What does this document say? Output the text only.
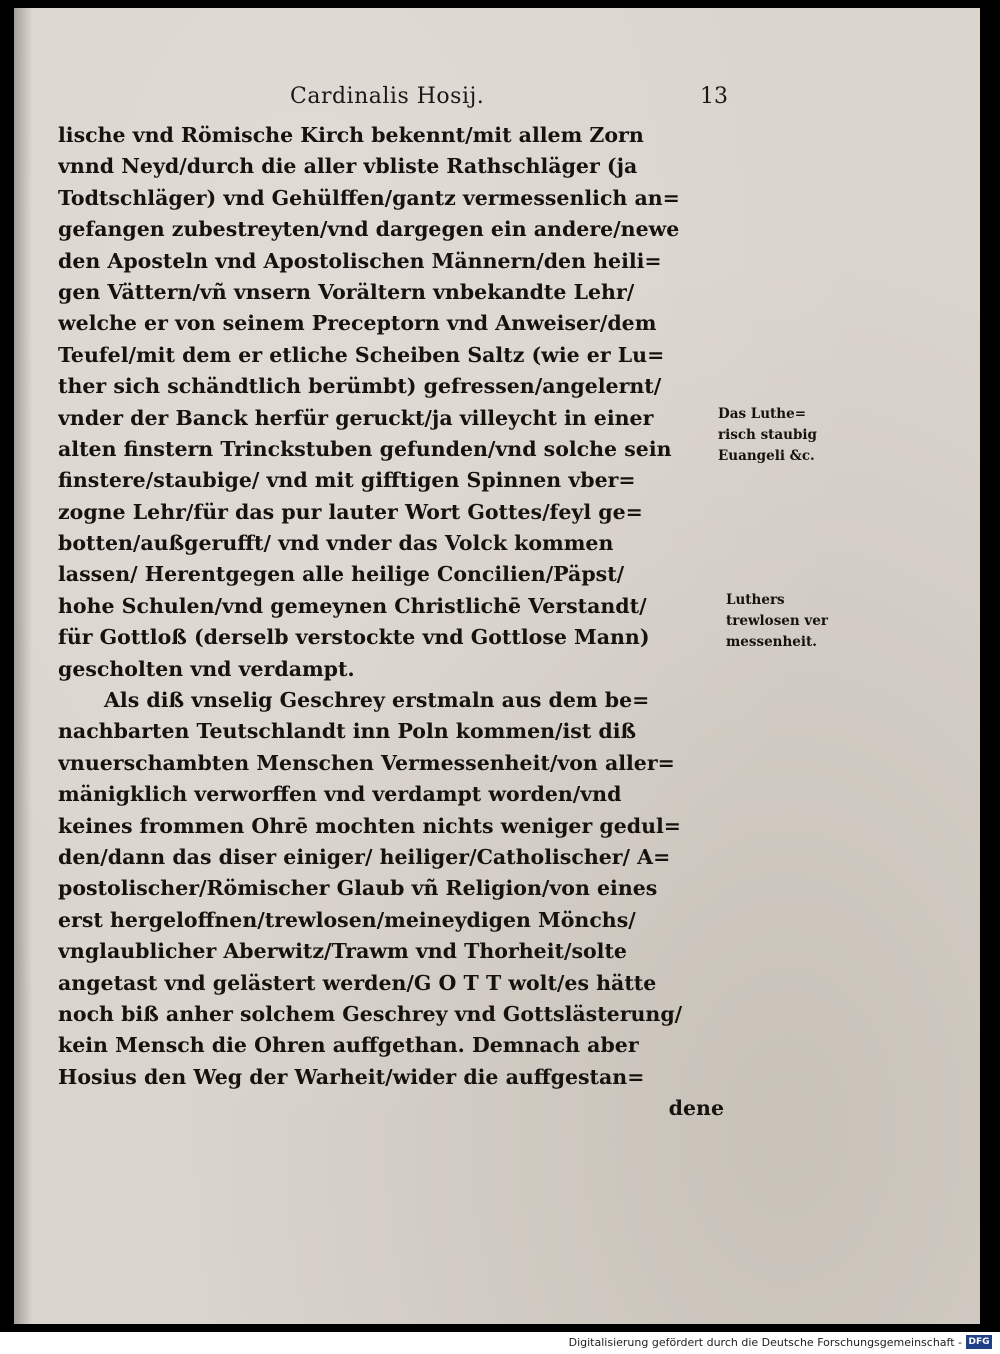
Cardinalis Hosij.	13
lische vnd Römische Kirch bekennt/mit allem Zorn
vnnd Neyd/durch die aller vbliste Rathschläger (ja
Todtschläger) vnd Gehülffen/gantz vermessenlich an=
gefangen zubestreyten/vnd dargegen ein andere/newe
den Aposteln vnd Apostolischen Männern/den heili=
gen Vättern/vñ vnsern Vorältern vnbekandte Lehr/
welche er von seinem Preceptorn vnd Anweiser/dem
Teufel/mit dem er etliche Scheiben Saltz (wie er Lu=
ther sich schändtlich berümbt) gefressen/angelernt/
vnder der Banck herfür geruckt/ja villeycht in einer
alten finstern Trinckstuben gefunden/vnd solche sein
finstere/staubige/ vnd mit gifftigen Spinnen vber=
zogne Lehr/für das pur lauter Wort Gottes/feyl ge=
botten/außgerufft/ vnd vnder das Volck kommen
lassen/ Herentgegen alle heilige Concilien/Päpst/
hohe Schulen/vnd gemeynen Christlichē Verstandt/
für Gottloß (derselb verstockte vnd Gottlose Mann)
gescholten vnd verdampt.
Als diß vnselig Geschrey erstmaln aus dem be=
nachbarten Teutschlandt inn Poln kommen/ist diß
vnuerschambten Menschen Vermessenheit/von aller=
mänigklich verworffen vnd verdampt worden/vnd
keines frommen Ohrē mochten nichts weniger gedul=
den/dann das diser einiger/ heiliger/Catholischer/ A=
postolischer/Römischer Glaub vñ Religion/von eines
erst hergeloffnen/trewlosen/meineydigen Mönchs/
vnglaublicher Aberwitz/Trawm vnd Thorheit/solte
angetast vnd gelästert werden/G O T T wolt/es hätte
noch biß anher solchem Geschrey vnd Gottslästerung/
kein Mensch die Ohren auffgethan. Demnach aber
Hosius den Weg der Warheit/wider die auffgestan=
dene
Das Luthe=
risch staubig
Euangeli &c.
Luthers
trewlosen ver
messenheit.
Digitalisierung gefördert durch die Deutsche Forschungsgemeinschaft - DFG
